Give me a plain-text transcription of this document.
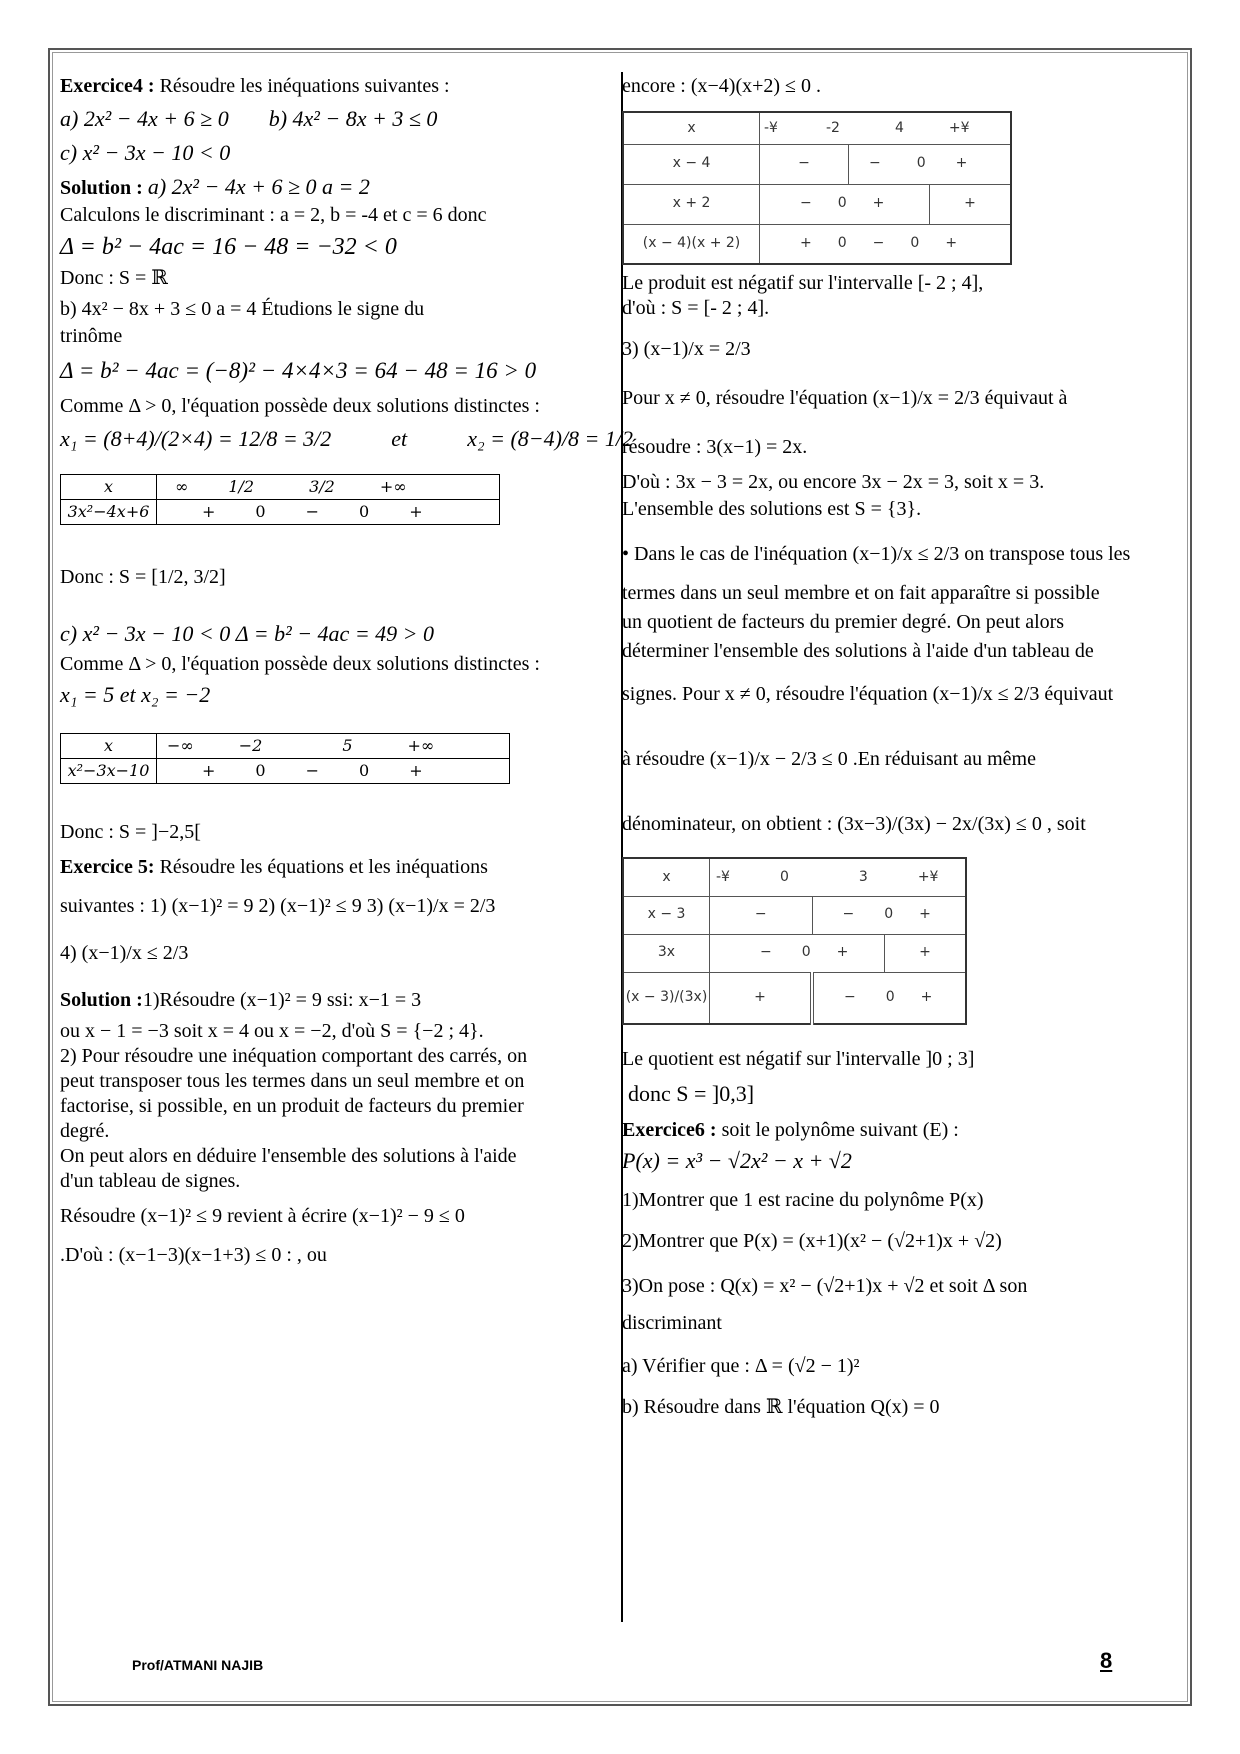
Exercice4 : Résoudre les inéquations suivantes :
a) 2x² − 4x + 6 ≥ 0 b) 4x² − 8x + 3 ≤ 0
c) x² − 3x − 10 < 0
Solution : a) 2x² − 4x + 6 ≥ 0 a = 2
Calculons le discriminant : a = 2, b = -4 et c = 6 donc
Δ = b² − 4ac = 16 − 48 = −32 < 0
Donc : S = ℝ
b) 4x² − 8x + 3 ≤ 0 a = 4 Étudions le signe du
trinôme
Δ = b² − 4ac = (−8)² − 4×4×3 = 64 − 48 = 16 > 0
Comme Δ > 0, l'équation possède deux solutions distinctes :
x₁ = (8+4)/(2×4) = 12/8 = 3/2	et	x₂ = (8−4)/8 = 1/2
x	∞ 1/2 3/2 +∞
3x²−4x+6	+ 0 − 0 +
Donc : S = [1/2, 3/2]
c) x² − 3x − 10 < 0 Δ = b² − 4ac = 49 > 0
Comme Δ > 0, l'équation possède deux solutions distinctes :
x₁ = 5 et x₂ = −2
x	−∞ −2 5 +∞
x²−3x−10	+ 0 − 0 +
Donc : S = ]−2,5[
Exercice 5: Résoudre les équations et les inéquations
suivantes : 1) (x−1)² = 9 2) (x−1)² ≤ 9 3) (x−1)/x = 2/3
4) (x−1)/x ≤ 2/3
Solution :1)Résoudre (x−1)² = 9 ssi: x−1 = 3
ou x − 1 = −3 soit x = 4 ou x = −2, d'où S = {−2 ; 4}.
2) Pour résoudre une inéquation comportant des carrés, on
peut transposer tous les termes dans un seul membre et on
factorise, si possible, en un produit de facteurs du premier
degré.
On peut alors en déduire l'ensemble des solutions à l'aide
d'un tableau de signes.
Résoudre (x−1)² ≤ 9 revient à écrire (x−1)² − 9 ≤ 0
.D'où : (x−1−3)(x−1+3) ≤ 0 : , ou
encore : (x−4)(x+2) ≤ 0 .
x	-¥ -2 4 +¥		
x − 4	−	− 0 +	
x + 2	− 0 +		+
(x − 4)(x + 2)	+ 0 − 0 +		
Le produit est négatif sur l'intervalle [- 2 ; 4],
d'où : S = [- 2 ; 4].
3) (x−1)/x = 2/3
Pour x ≠ 0, résoudre l'équation (x−1)/x = 2/3 équivaut à
résoudre : 3(x−1) = 2x.
D'où : 3x − 3 = 2x, ou encore 3x − 2x = 3, soit x = 3.
L'ensemble des solutions est S = {3}.
• Dans le cas de l'inéquation (x−1)/x ≤ 2/3 on transpose tous les
termes dans un seul membre et on fait apparaître si possible
un quotient de facteurs du premier degré. On peut alors
déterminer l'ensemble des solutions à l'aide d'un tableau de
signes. Pour x ≠ 0, résoudre l'équation (x−1)/x ≤ 2/3 équivaut
à résoudre (x−1)/x − 2/3 ≤ 0 .En réduisant au même
dénominateur, on obtient : (3x−3)/(3x) − 2x/(3x) ≤ 0 , soit
x	-¥ 0 3 +¥		
x − 3	−	− 0 +	
3x	− 0 +		+
(x − 3)/(3x)	+	− 0 +	
Le quotient est négatif sur l'intervalle ]0 ; 3]
donc S = ]0,3]
Exercice6 : soit le polynôme suivant (E) :
P(x) = x³ − √2x² − x + √2
1)Montrer que 1 est racine du polynôme P(x)
2)Montrer que P(x) = (x+1)(x² − (√2+1)x + √2)
3)On pose : Q(x) = x² − (√2+1)x + √2 et soit Δ son
discriminant
a) Vérifier que : Δ = (√2 − 1)²
b) Résoudre dans ℝ l'équation Q(x) = 0
Prof/ATMANI NAJIB	8
